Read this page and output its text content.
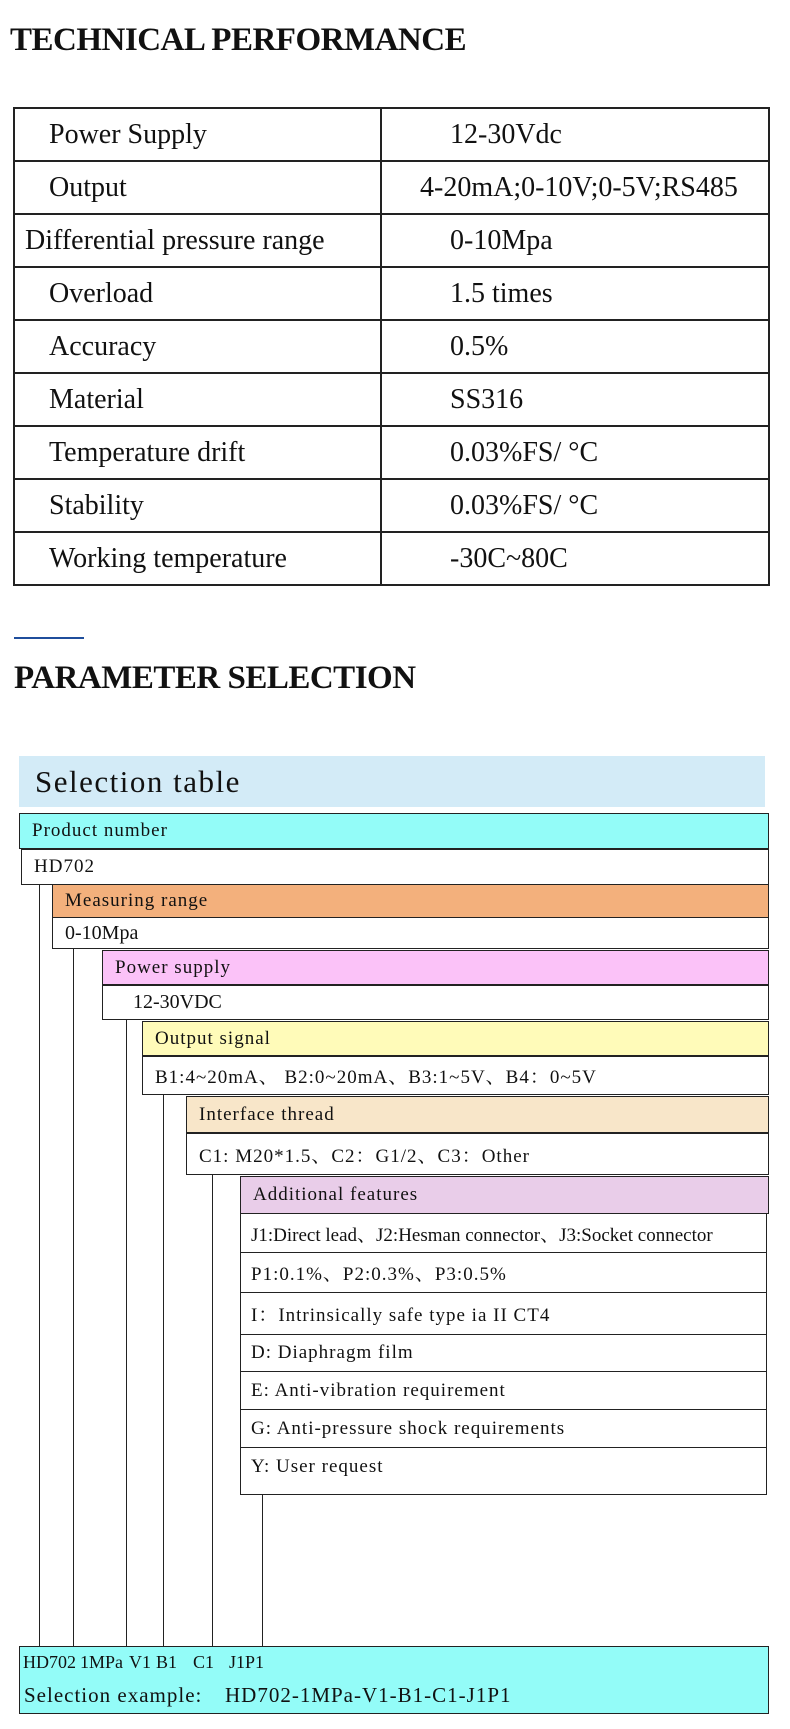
TECHNICAL PERFORMANCE
Power Supply	12-30Vdc
Output	4-20mA;0-10V;0-5V;RS485
Differential pressure range	0-10Mpa
Overload	1.5 times
Accuracy	0.5%
Material	SS316
Temperature drift	0.03%FS/ °C
Stability	0.03%FS/ °C
Working temperature	-30C~80C
PARAMETER SELECTION
Selection table
Product number
HD702
Measuring range
0-10Mpa
Power supply
12-30VDC
Output signal
B1:4~20mA、 B2:0~20mA、B3:1~5V、B4：0~5V
Interface thread
C1: M20*1.5、C2：G1/2、C3：Other
Additional features
J1:Direct lead、J2:Hesman connector、J3:Socket connector
P1:0.1%、P2:0.3%、P3:0.5%
I：Intrinsically safe type ia II CT4
D: Diaphragm film
E: Anti-vibration requirement
G: Anti-pressure shock requirements
Y: User request
HD702 1MPa V1 B1 C1 J1P1
Selection example: HD702-1MPa-V1-B1-C1-J1P1
